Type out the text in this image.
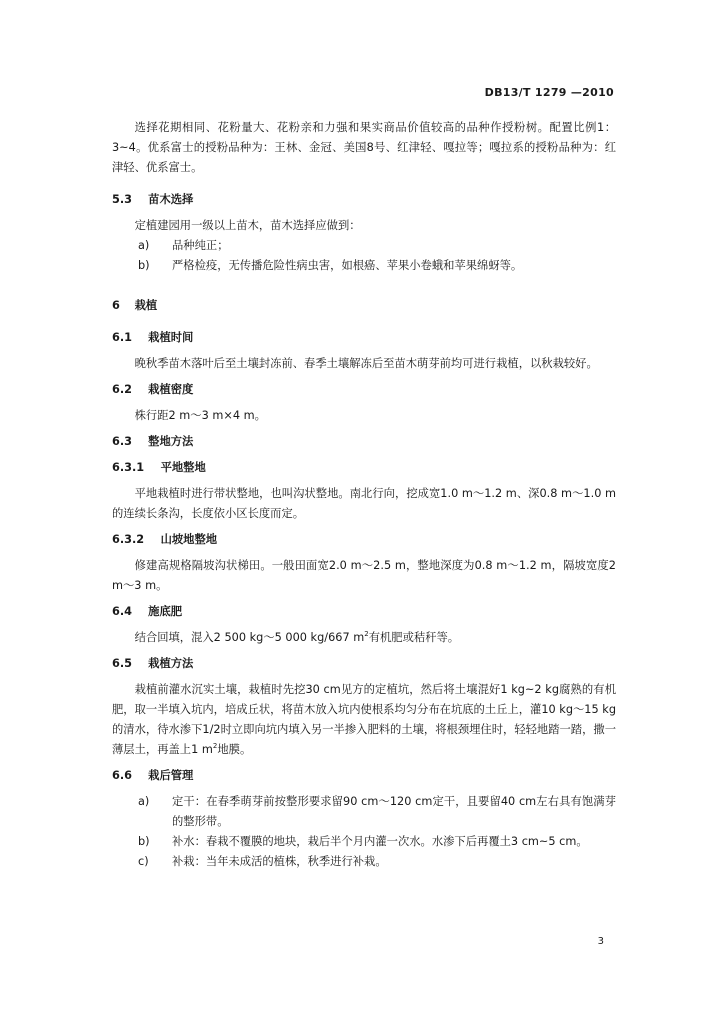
DB13/T 1279 —2010

选择花期相同、花粉量大、花粉亲和力强和果实商品价值较高的品种作授粉树。配置比例1：3~4。优系富士的授粉品种为：王林、金冠、美国8号、红津轻、嘎拉等；嘎拉系的授粉品种为：红津轻、优系富士。

5.3 苗木选择

定植建园用一级以上苗木，苗木选择应做到：

a)	品种纯正；
b)	严格检疫，无传播危险性病虫害，如根癌、苹果小卷蛾和苹果绵蚜等。

6 栽植

6.1 栽植时间

晚秋季苗木落叶后至土壤封冻前、春季土壤解冻后至苗木萌芽前均可进行栽植，以秋栽较好。

6.2 栽植密度

株行距2 m～3 m×4 m。

6.3 整地方法

6.3.1 平地整地

平地栽植时进行带状整地，也叫沟状整地。南北行向，挖成宽1.0 m～1.2 m、深0.8 m～1.0 m的连续长条沟，长度依小区长度而定。

6.3.2 山坡地整地

修建高规格隔坡沟状梯田。一般田面宽2.0 m～2.5 m，整地深度为0.8 m～1.2 m，隔坡宽度2 m～3 m。

6.4 施底肥

结合回填，混入2 500 kg～5 000 kg/667 $m^2$有机肥或秸秆等。

6.5 栽植方法

栽植前灌水沉实土壤，栽植时先挖30 cm见方的定植坑，然后将土壤混好1 kg~2 kg腐熟的有机肥，取一半填入坑内，培成丘状，将苗木放入坑内使根系均匀分布在坑底的土丘上，灌10 kg～15 kg的清水，待水渗下1/2时立即向坑内填入另一半掺入肥料的土壤，将根颈埋住时，轻轻地踏一踏，撒一薄层土，再盖上1 $m^2$地膜。

6.6 栽后管理

a)	定干：在春季萌芽前按整形要求留90 cm～120 cm定干，且要留40 cm左右具有饱满芽的整形带。
b)	补水：春栽不覆膜的地块，栽后半个月内灌一次水。水渗下后再覆土3 cm~5 cm。
c)	补栽：当年未成活的植株，秋季进行补栽。
3
